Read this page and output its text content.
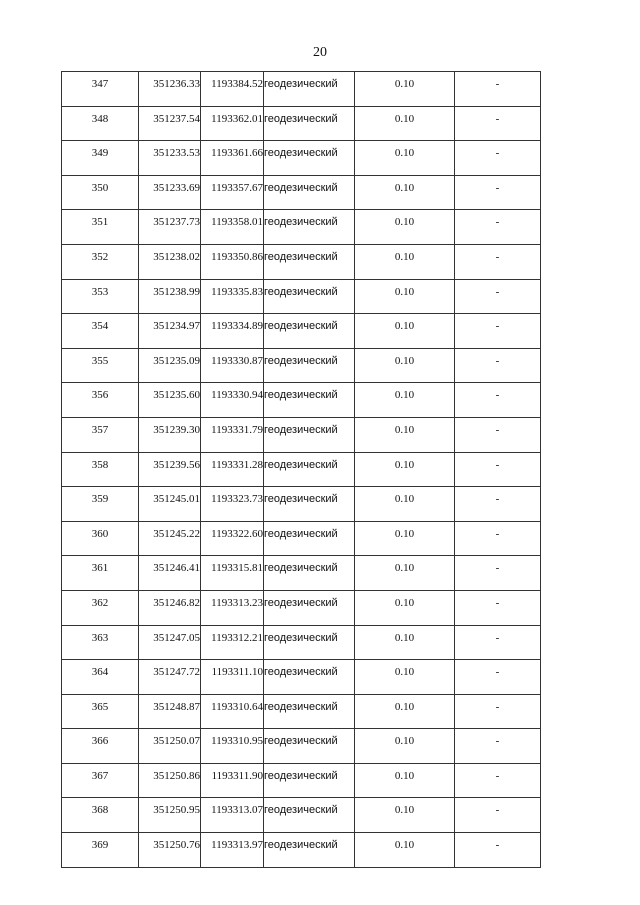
20
347	351236.33	1193384.52	геодезический	0.10	-

348	351237.54	1193362.01	геодезический	0.10	-

349	351233.53	1193361.66	геодезический	0.10	-

350	351233.69	1193357.67	геодезический	0.10	-

351	351237.73	1193358.01	геодезический	0.10	-

352	351238.02	1193350.86	геодезический	0.10	-

353	351238.99	1193335.83	геодезический	0.10	-

354	351234.97	1193334.89	геодезический	0.10	-

355	351235.09	1193330.87	геодезический	0.10	-

356	351235.60	1193330.94	геодезический	0.10	-

357	351239.30	1193331.79	геодезический	0.10	-

358	351239.56	1193331.28	геодезический	0.10	-

359	351245.01	1193323.73	геодезический	0.10	-

360	351245.22	1193322.60	геодезический	0.10	-

361	351246.41	1193315.81	геодезический	0.10	-

362	351246.82	1193313.23	геодезический	0.10	-

363	351247.05	1193312.21	геодезический	0.10	-

364	351247.72	1193311.10	геодезический	0.10	-

365	351248.87	1193310.64	геодезический	0.10	-

366	351250.07	1193310.95	геодезический	0.10	-

367	351250.86	1193311.90	геодезический	0.10	-

368	351250.95	1193313.07	геодезический	0.10	-

369	351250.76	1193313.97	геодезический	0.10	-
